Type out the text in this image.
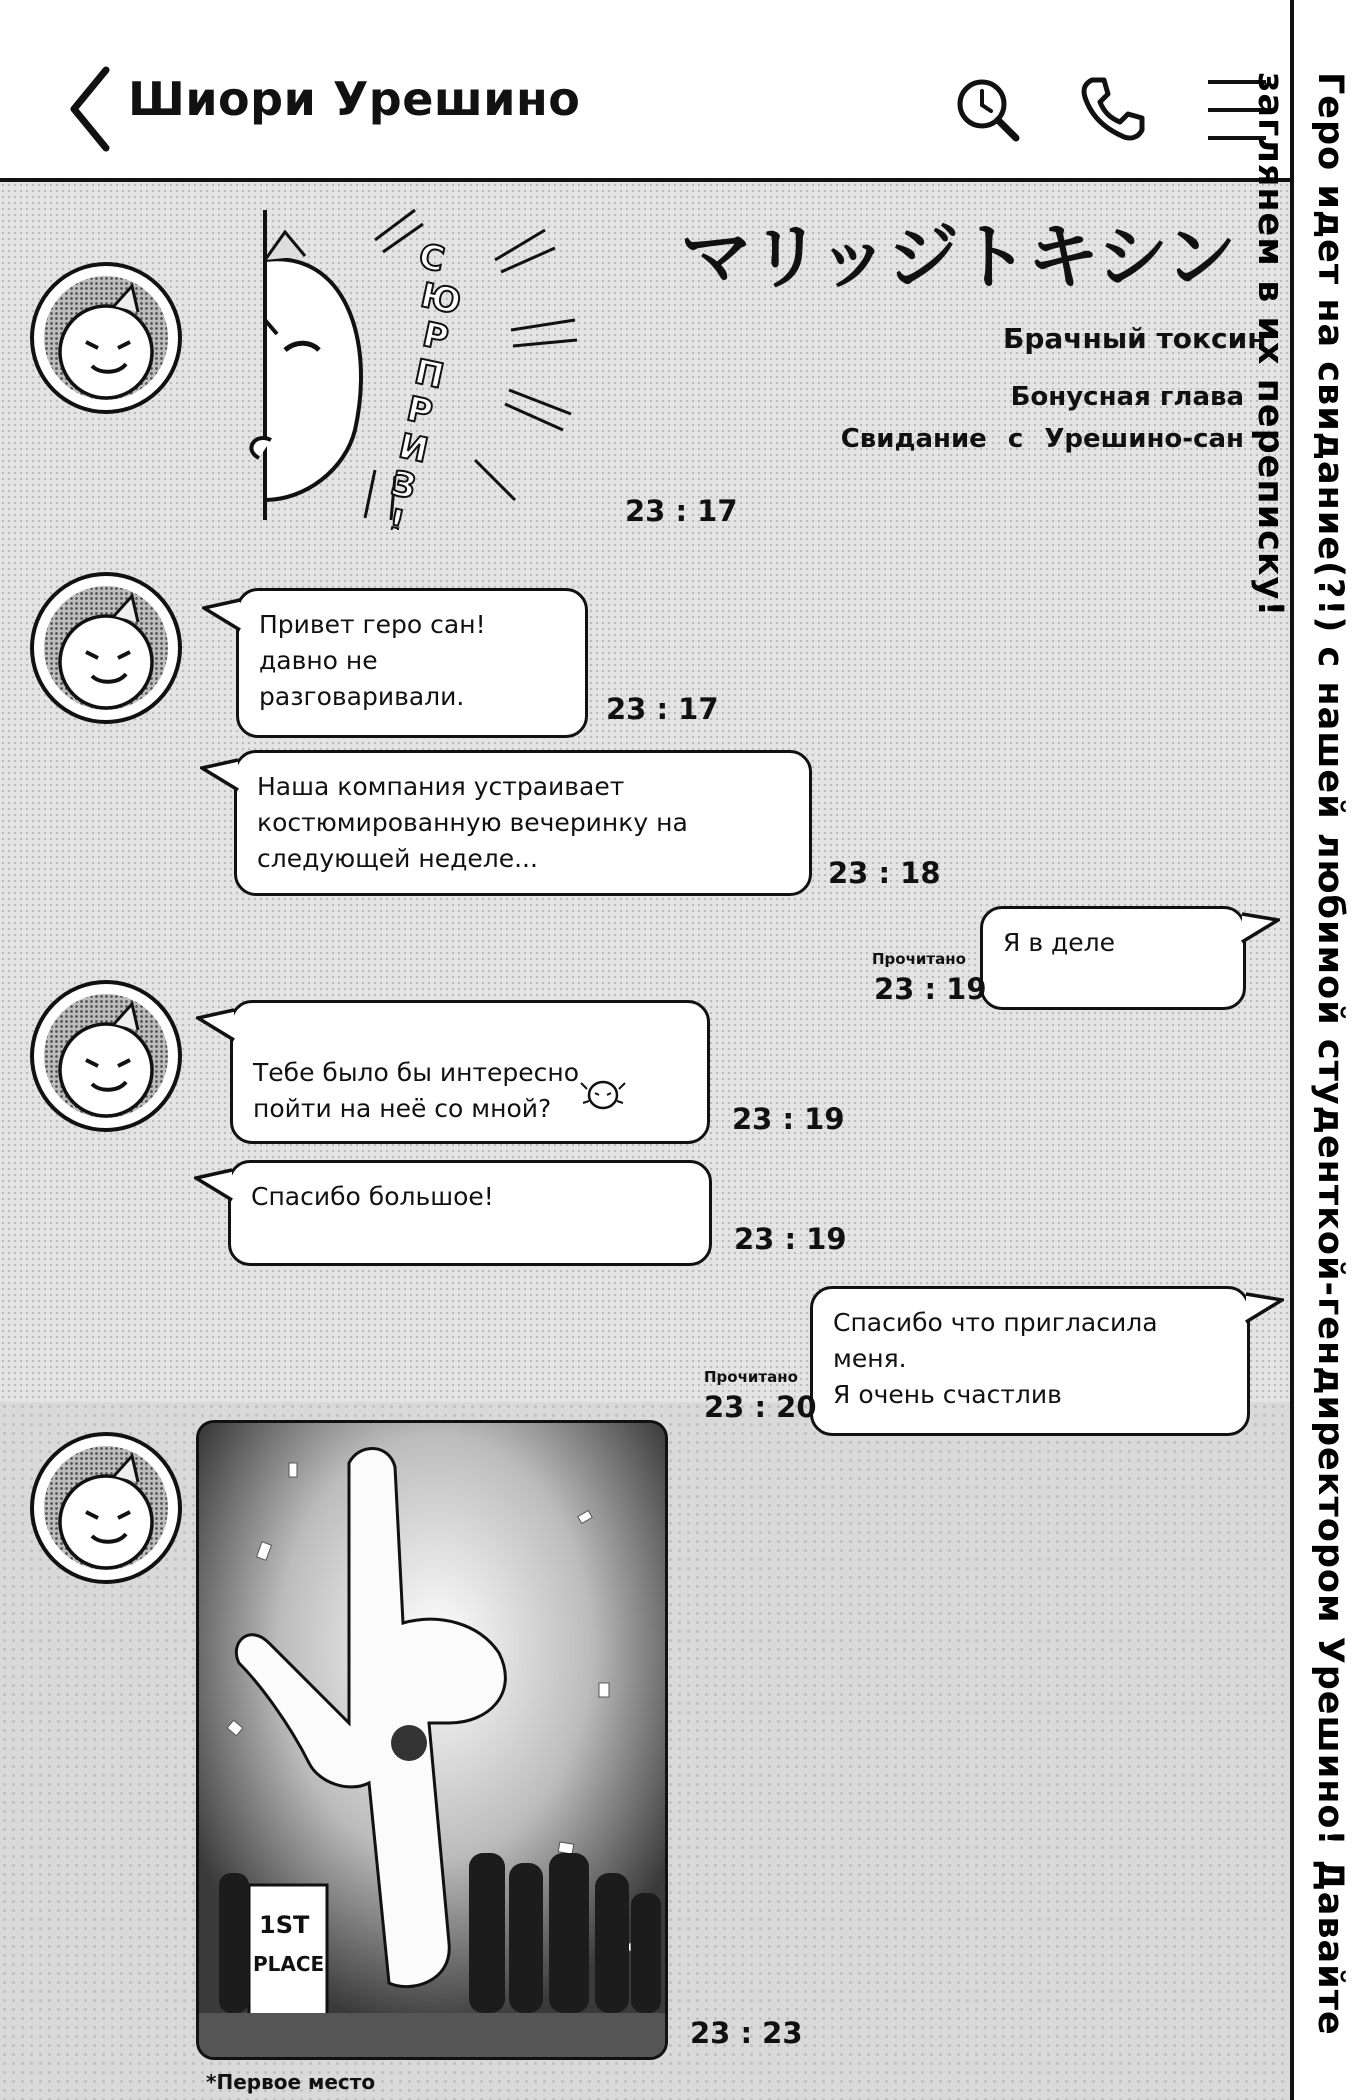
Шиори Урешино
СЮРПРИЗ!
マリッジトキシン
Брачный токсин
Бонусная глава
Свидание с Урешино-сан
23 : 17
Привет геро сан!
давно не разговаривали.	23 : 17
Наша компания устраивает
костюмированную вечеринку на
следующей неделе...	23 : 18
Я в деле
Прочитано
23 : 19

Тебе было бы интересно
пойти на неё со мной?	23 : 19
Спасибо большое!
23 : 19
Спасибо что пригласила меня.
Я очень счастлив
Прочитано
23 : 20
1ST
PLACE
23 : 23
*Первое место
Геро идет на свидание(?!) с нашей любимой студенткой-гендиректором Урешино! Давайте заглянем в их переписку!
